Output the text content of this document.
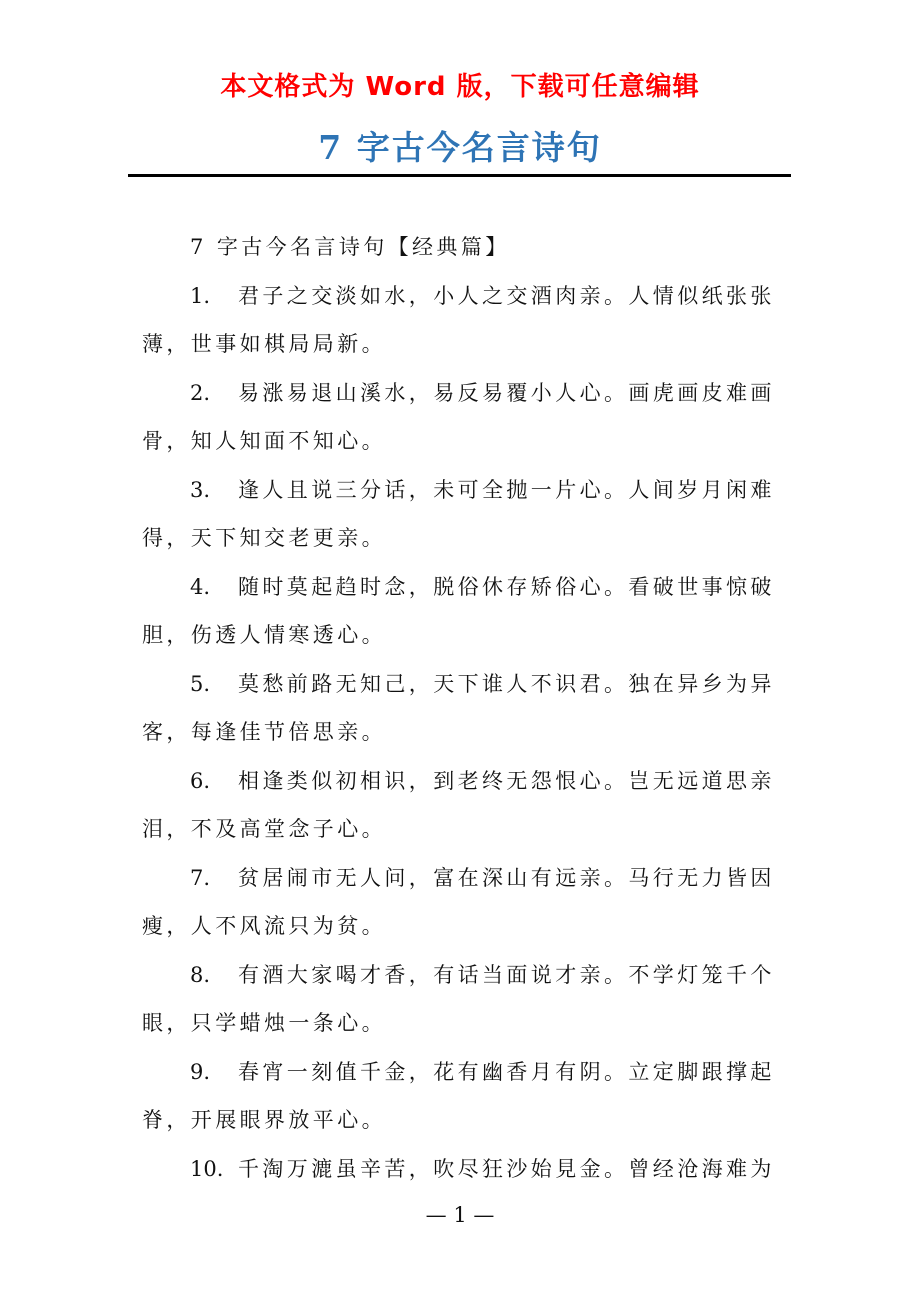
本文格式为 Word 版，下载可任意编辑
7 字古今名言诗句
7 字古今名言诗句【经典篇】
1. 君子之交淡如水，小人之交酒肉亲。人情似纸张张
薄，世事如棋局局新。
2. 易涨易退山溪水，易反易覆小人心。画虎画皮难画
骨，知人知面不知心。
3. 逢人且说三分话，未可全抛一片心。人间岁月闲难
得，天下知交老更亲。
4. 随时莫起趋时念，脱俗休存矫俗心。看破世事惊破
胆，伤透人情寒透心。
5. 莫愁前路无知己，天下谁人不识君。独在异乡为异
客，每逢佳节倍思亲。
6. 相逢类似初相识，到老终无怨恨心。岂无远道思亲
泪，不及高堂念子心。
7. 贫居闹市无人问，富在深山有远亲。马行无力皆因
瘦，人不风流只为贫。
8. 有酒大家喝才香，有话当面说才亲。不学灯笼千个
眼，只学蜡烛一条心。
9. 春宵一刻值千金，花有幽香月有阴。立定脚跟撑起
脊，开展眼界放平心。
10. 千淘万漉虽辛苦，吹尽狂沙始見金。曾经沧海难为
— 1 —
